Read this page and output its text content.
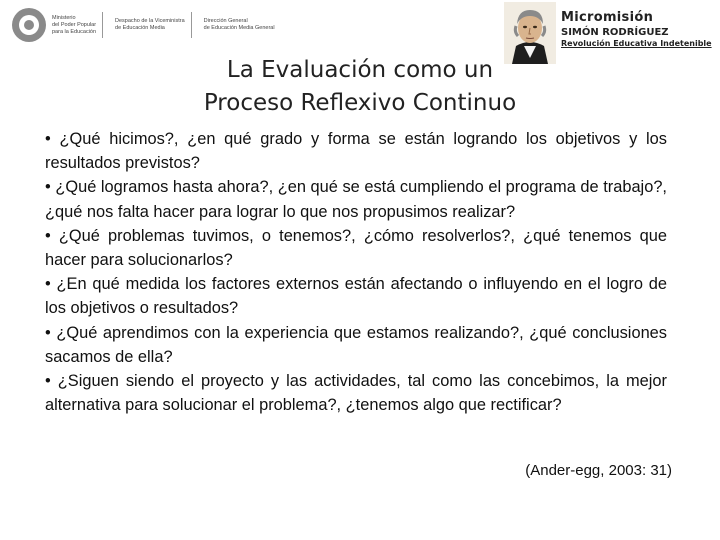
Ministerio
del Poder Popular
para la Educación
Despacho de la Viceministra
de Educación Media
Dirección General
de Educación Media General
Micromisión
SIMÓN RODRÍGUEZ
Revolución Educativa Indetenible
La Evaluación como un
Proceso Reflexivo Continuo

• ¿Qué hicimos?, ¿en qué grado y forma se están logrando los objetivos y los resultados previstos?

• ¿Qué logramos hasta ahora?, ¿en qué se está cumpliendo el programa de trabajo?, ¿qué nos falta hacer para lograr lo que nos propusimos realizar?

• ¿Qué problemas tuvimos, o tenemos?, ¿cómo resolverlos?, ¿qué tenemos que hacer para solucionarlos?

• ¿En qué medida los factores externos están afectando o influyendo en el logro de los objetivos o resultados?

• ¿Qué aprendimos con la experiencia que estamos realizando?, ¿qué conclusiones sacamos de ella?

• ¿Siguen siendo el proyecto y las actividades, tal como las concebimos, la mejor alternativa para solucionar el problema?, ¿tenemos algo que rectificar?

(Ander-egg, 2003: 31)
